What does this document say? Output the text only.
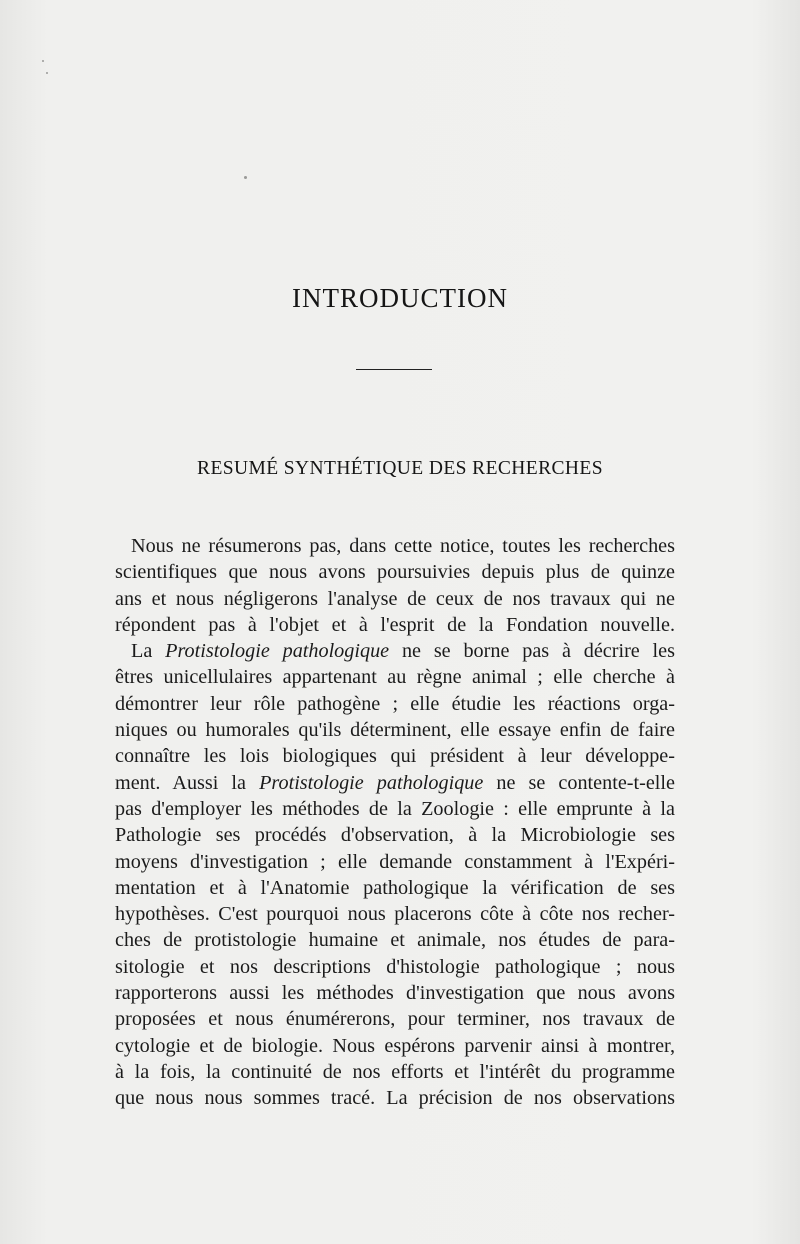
INTRODUCTION
RESUMÉ SYNTHÉTIQUE DES RECHERCHES
Nous ne résumerons pas, dans cette notice, toutes les recherches
scientifiques que nous avons poursuivies depuis plus de quinze
ans et nous négligerons l'analyse de ceux de nos travaux qui ne
répondent pas à l'objet et à l'esprit de la Fondation nouvelle.
La Protistologie pathologique ne se borne pas à décrire les
êtres unicellulaires appartenant au règne animal ; elle cherche à
démontrer leur rôle pathogène ; elle étudie les réactions orga-
niques ou humorales qu'ils déterminent, elle essaye enfin de faire
connaître les lois biologiques qui président à leur développe-
ment. Aussi la Protistologie pathologique ne se contente-t-elle
pas d'employer les méthodes de la Zoologie : elle emprunte à la
Pathologie ses procédés d'observation, à la Microbiologie ses
moyens d'investigation ; elle demande constamment à l'Expéri-
mentation et à l'Anatomie pathologique la vérification de ses
hypothèses. C'est pourquoi nous placerons côte à côte nos recher-
ches de protistologie humaine et animale, nos études de para-
sitologie et nos descriptions d'histologie pathologique ; nous
rapporterons aussi les méthodes d'investigation que nous avons
proposées et nous énumérerons, pour terminer, nos travaux de
cytologie et de biologie. Nous espérons parvenir ainsi à montrer,
à la fois, la continuité de nos efforts et l'intérêt du programme
que nous nous sommes tracé. La précision de nos observations
